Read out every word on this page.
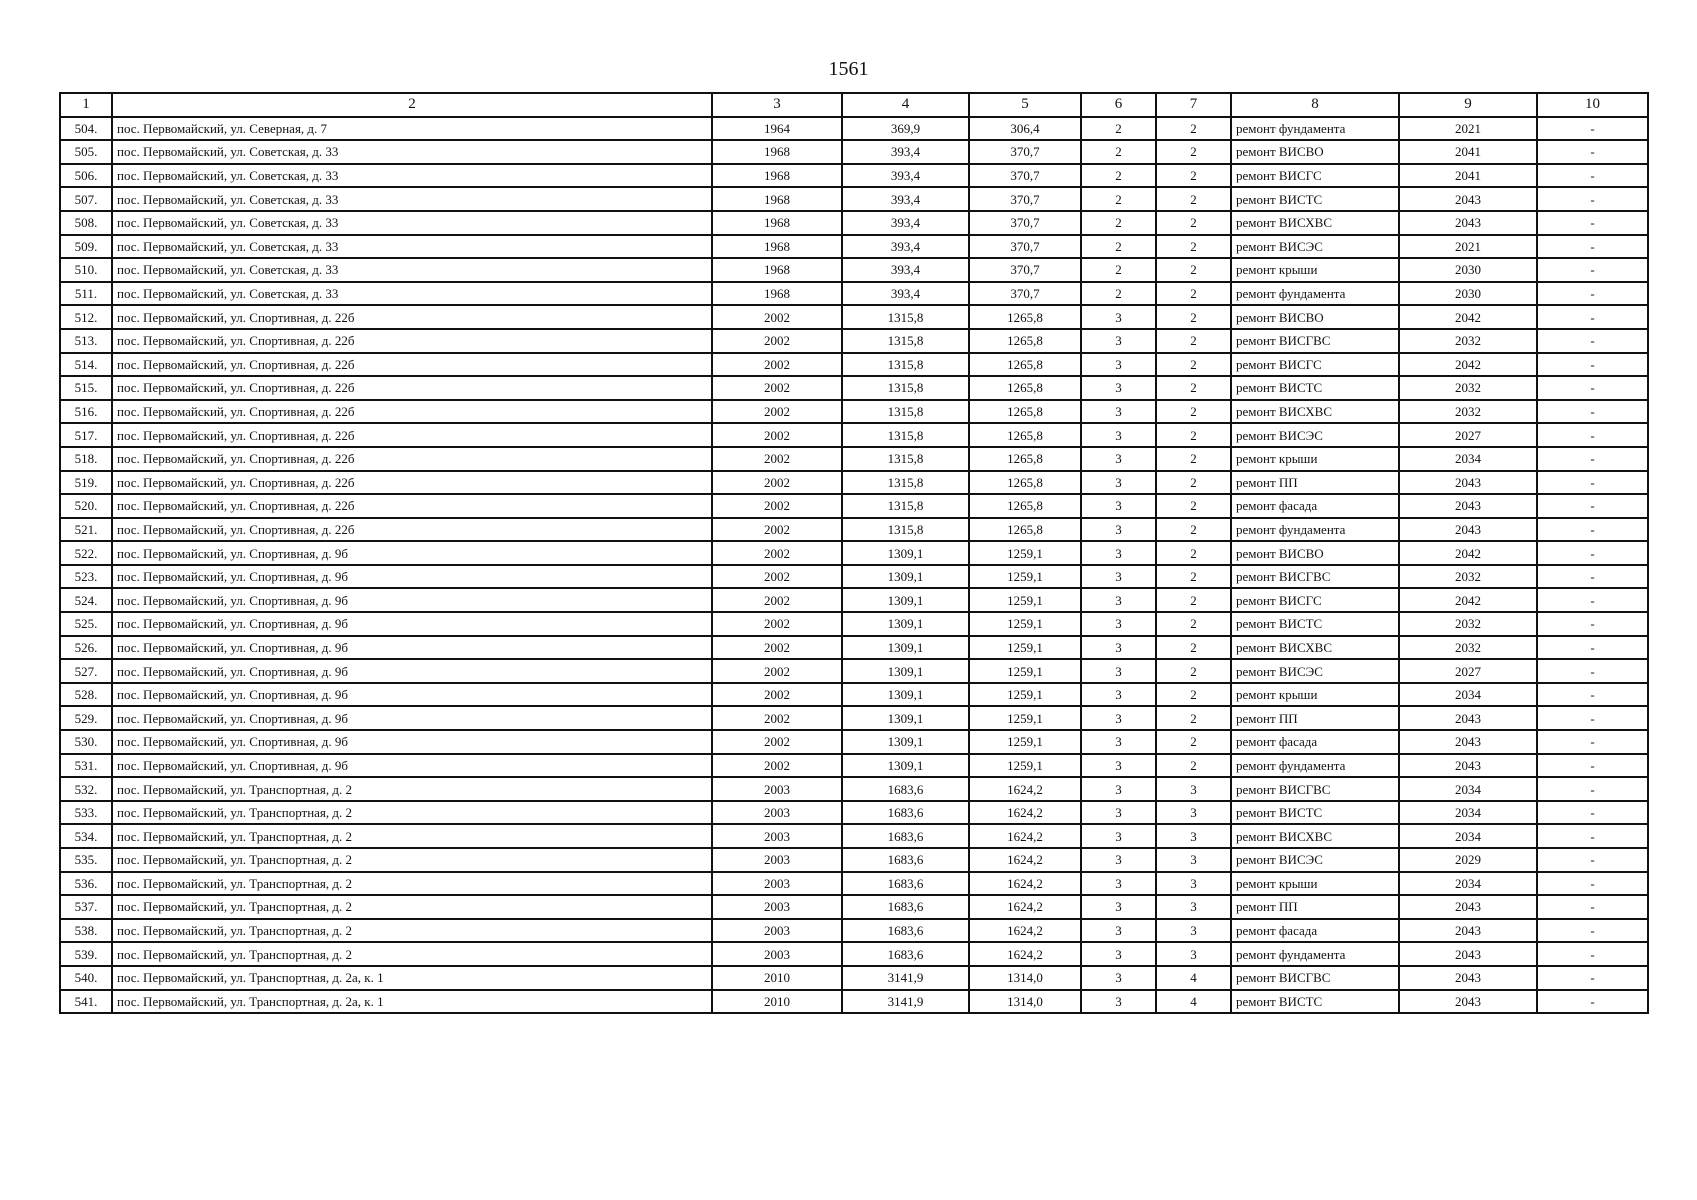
1561
1	2	3	4	5	6	7	8	9	10
504.	пос. Первомайский, ул. Северная, д. 7	1964	369,9	306,4	2	2	ремонт фундамента	2021	-
505.	пос. Первомайский, ул. Советская, д. 33	1968	393,4	370,7	2	2	ремонт ВИСВО	2041	-
506.	пос. Первомайский, ул. Советская, д. 33	1968	393,4	370,7	2	2	ремонт ВИСГС	2041	-
507.	пос. Первомайский, ул. Советская, д. 33	1968	393,4	370,7	2	2	ремонт ВИСТС	2043	-
508.	пос. Первомайский, ул. Советская, д. 33	1968	393,4	370,7	2	2	ремонт ВИСХВС	2043	-
509.	пос. Первомайский, ул. Советская, д. 33	1968	393,4	370,7	2	2	ремонт ВИСЭС	2021	-
510.	пос. Первомайский, ул. Советская, д. 33	1968	393,4	370,7	2	2	ремонт крыши	2030	-
511.	пос. Первомайский, ул. Советская, д. 33	1968	393,4	370,7	2	2	ремонт фундамента	2030	-
512.	пос. Первомайский, ул. Спортивная, д. 22б	2002	1315,8	1265,8	3	2	ремонт ВИСВО	2042	-
513.	пос. Первомайский, ул. Спортивная, д. 22б	2002	1315,8	1265,8	3	2	ремонт ВИСГВС	2032	-
514.	пос. Первомайский, ул. Спортивная, д. 22б	2002	1315,8	1265,8	3	2	ремонт ВИСГС	2042	-
515.	пос. Первомайский, ул. Спортивная, д. 22б	2002	1315,8	1265,8	3	2	ремонт ВИСТС	2032	-
516.	пос. Первомайский, ул. Спортивная, д. 22б	2002	1315,8	1265,8	3	2	ремонт ВИСХВС	2032	-
517.	пос. Первомайский, ул. Спортивная, д. 22б	2002	1315,8	1265,8	3	2	ремонт ВИСЭС	2027	-
518.	пос. Первомайский, ул. Спортивная, д. 22б	2002	1315,8	1265,8	3	2	ремонт крыши	2034	-
519.	пос. Первомайский, ул. Спортивная, д. 22б	2002	1315,8	1265,8	3	2	ремонт ПП	2043	-
520.	пос. Первомайский, ул. Спортивная, д. 22б	2002	1315,8	1265,8	3	2	ремонт фасада	2043	-
521.	пос. Первомайский, ул. Спортивная, д. 22б	2002	1315,8	1265,8	3	2	ремонт фундамента	2043	-
522.	пос. Первомайский, ул. Спортивная, д. 9б	2002	1309,1	1259,1	3	2	ремонт ВИСВО	2042	-
523.	пос. Первомайский, ул. Спортивная, д. 9б	2002	1309,1	1259,1	3	2	ремонт ВИСГВС	2032	-
524.	пос. Первомайский, ул. Спортивная, д. 9б	2002	1309,1	1259,1	3	2	ремонт ВИСГС	2042	-
525.	пос. Первомайский, ул. Спортивная, д. 9б	2002	1309,1	1259,1	3	2	ремонт ВИСТС	2032	-
526.	пос. Первомайский, ул. Спортивная, д. 9б	2002	1309,1	1259,1	3	2	ремонт ВИСХВС	2032	-
527.	пос. Первомайский, ул. Спортивная, д. 9б	2002	1309,1	1259,1	3	2	ремонт ВИСЭС	2027	-
528.	пос. Первомайский, ул. Спортивная, д. 9б	2002	1309,1	1259,1	3	2	ремонт крыши	2034	-
529.	пос. Первомайский, ул. Спортивная, д. 9б	2002	1309,1	1259,1	3	2	ремонт ПП	2043	-
530.	пос. Первомайский, ул. Спортивная, д. 9б	2002	1309,1	1259,1	3	2	ремонт фасада	2043	-
531.	пос. Первомайский, ул. Спортивная, д. 9б	2002	1309,1	1259,1	3	2	ремонт фундамента	2043	-
532.	пос. Первомайский, ул. Транспортная, д. 2	2003	1683,6	1624,2	3	3	ремонт ВИСГВС	2034	-
533.	пос. Первомайский, ул. Транспортная, д. 2	2003	1683,6	1624,2	3	3	ремонт ВИСТС	2034	-
534.	пос. Первомайский, ул. Транспортная, д. 2	2003	1683,6	1624,2	3	3	ремонт ВИСХВС	2034	-
535.	пос. Первомайский, ул. Транспортная, д. 2	2003	1683,6	1624,2	3	3	ремонт ВИСЭС	2029	-
536.	пос. Первомайский, ул. Транспортная, д. 2	2003	1683,6	1624,2	3	3	ремонт крыши	2034	-
537.	пос. Первомайский, ул. Транспортная, д. 2	2003	1683,6	1624,2	3	3	ремонт ПП	2043	-
538.	пос. Первомайский, ул. Транспортная, д. 2	2003	1683,6	1624,2	3	3	ремонт фасада	2043	-
539.	пос. Первомайский, ул. Транспортная, д. 2	2003	1683,6	1624,2	3	3	ремонт фундамента	2043	-
540.	пос. Первомайский, ул. Транспортная, д. 2а, к. 1	2010	3141,9	1314,0	3	4	ремонт ВИСГВС	2043	-
541.	пос. Первомайский, ул. Транспортная, д. 2а, к. 1	2010	3141,9	1314,0	3	4	ремонт ВИСТС	2043	-
